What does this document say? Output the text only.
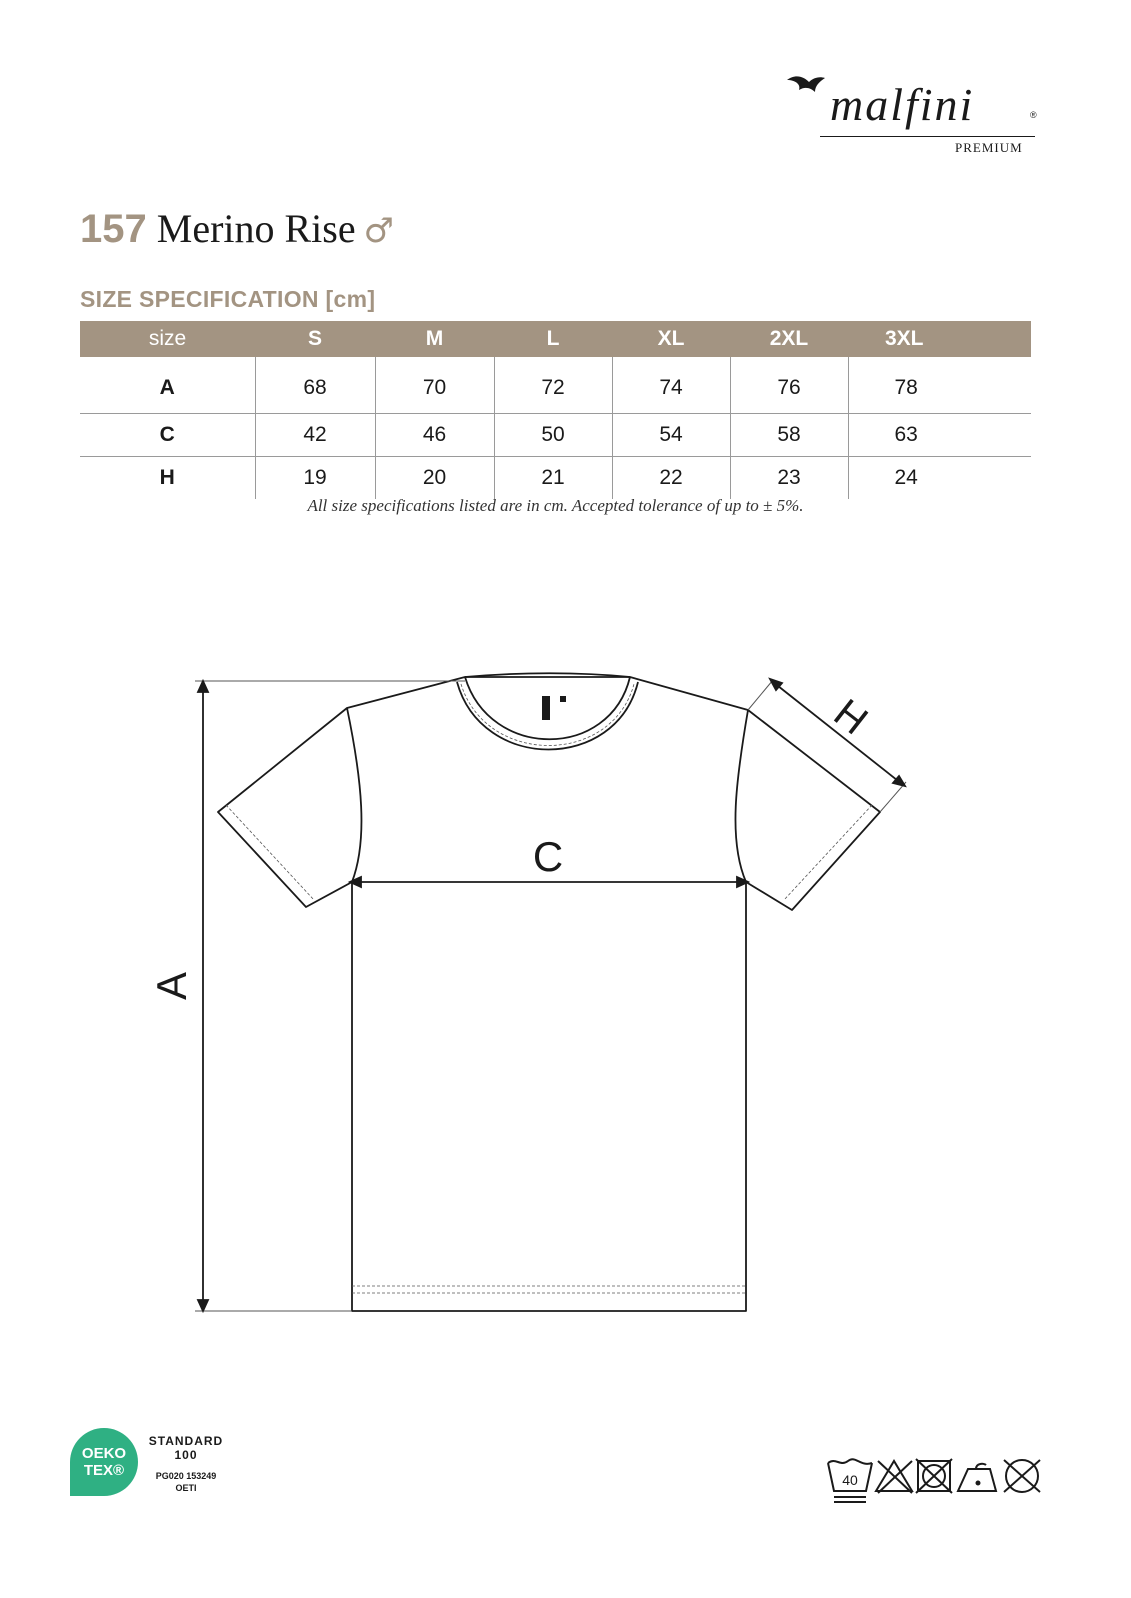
malfini	®
PREMIUM
157 Merino Rise ♂
SIZE SPECIFICATION [cm]
size	S	M	L	XL	2XL	3XL
A	68	70	72	74	76	78
C	42	46	50	54	58	63
H	19	20	21	22	23	24
All size specifications listed are in cm. Accepted tolerance of up to ± 5%.
A
C
H
OEKO
TEX®
STANDARD
100
PG020 153249
OETI	40
